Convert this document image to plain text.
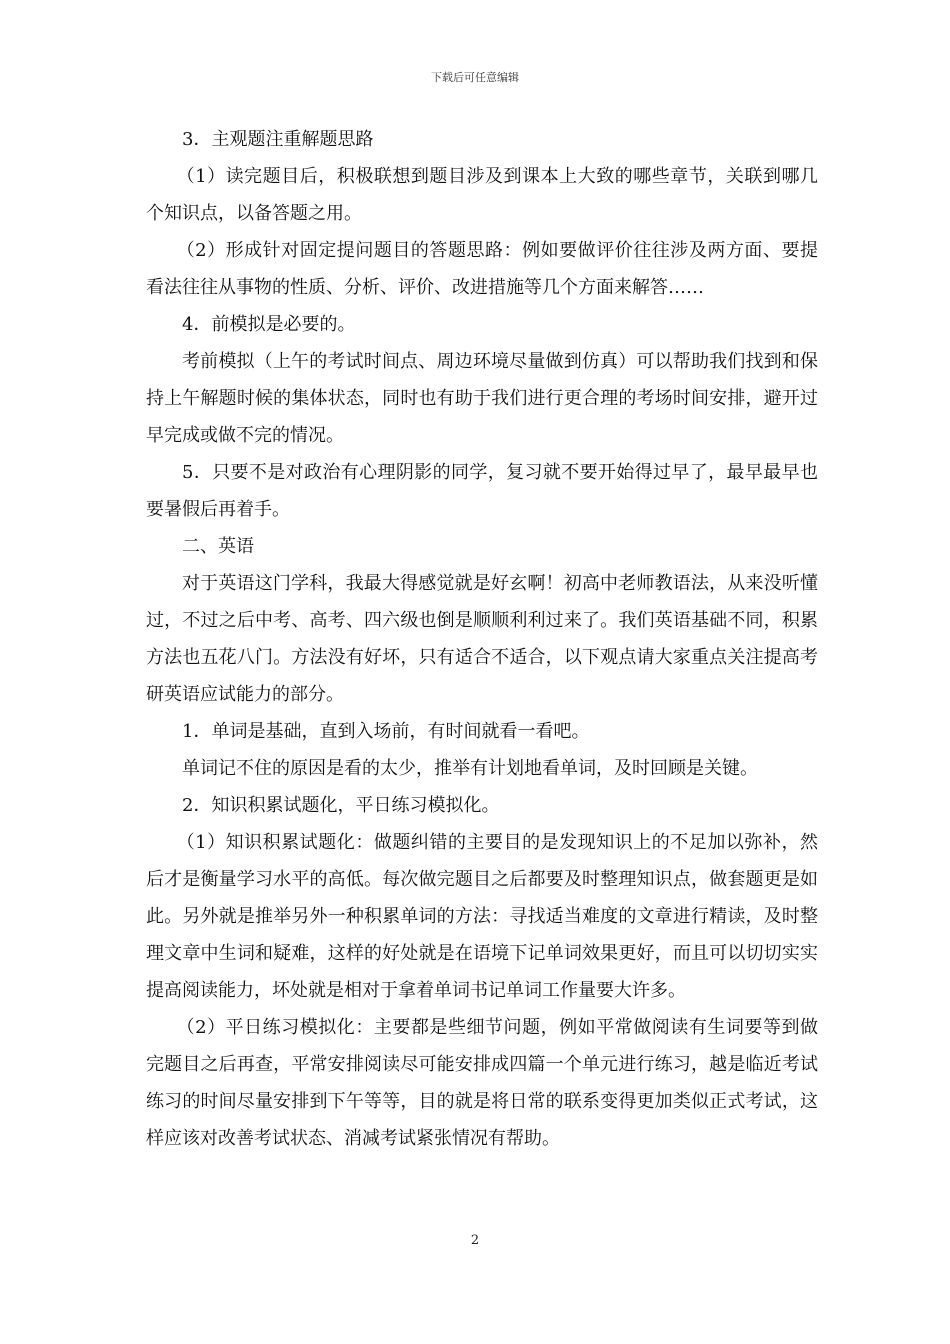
下载后可任意编辑

3．主观题注重解题思路

（1）读完题目后，积极联想到题目涉及到课本上大致的哪些章节，关联到哪几个知识点，以备答题之用。

（2）形成针对固定提问题目的答题思路：例如要做评价往往涉及两方面、要提看法往往从事物的性质、分析、评价、改进措施等几个方面来解答……

4．前模拟是必要的。

考前模拟（上午的考试时间点、周边环境尽量做到仿真）可以帮助我们找到和保持上午解题时候的集体状态，同时也有助于我们进行更合理的考场时间安排，避开过早完成或做不完的情况。

5．只要不是对政治有心理阴影的同学，复习就不要开始得过早了，最早最早也要暑假后再着手。

二、英语

对于英语这门学科，我最大得感觉就是好玄啊！初高中老师教语法，从来没听懂过，不过之后中考、高考、四六级也倒是顺顺利利过来了。我们英语基础不同，积累方法也五花八门。方法没有好坏，只有适合不适合，以下观点请大家重点关注提高考研英语应试能力的部分。

1．单词是基础，直到入场前，有时间就看一看吧。

单词记不住的原因是看的太少，推举有计划地看单词，及时回顾是关键。

2．知识积累试题化，平日练习模拟化。

（1）知识积累试题化：做题纠错的主要目的是发现知识上的不足加以弥补，然后才是衡量学习水平的高低。每次做完题目之后都要及时整理知识点，做套题更是如此。另外就是推举另外一种积累单词的方法：寻找适当难度的文章进行精读，及时整理文章中生词和疑难，这样的好处就是在语境下记单词效果更好，而且可以切切实实提高阅读能力，坏处就是相对于拿着单词书记单词工作量要大许多。

（2）平日练习模拟化：主要都是些细节问题，例如平常做阅读有生词要等到做完题目之后再查，平常安排阅读尽可能安排成四篇一个单元进行练习，越是临近考试练习的时间尽量安排到下午等等，目的就是将日常的联系变得更加类似正式考试，这样应该对改善考试状态、消减考试紧张情况有帮助。

2
